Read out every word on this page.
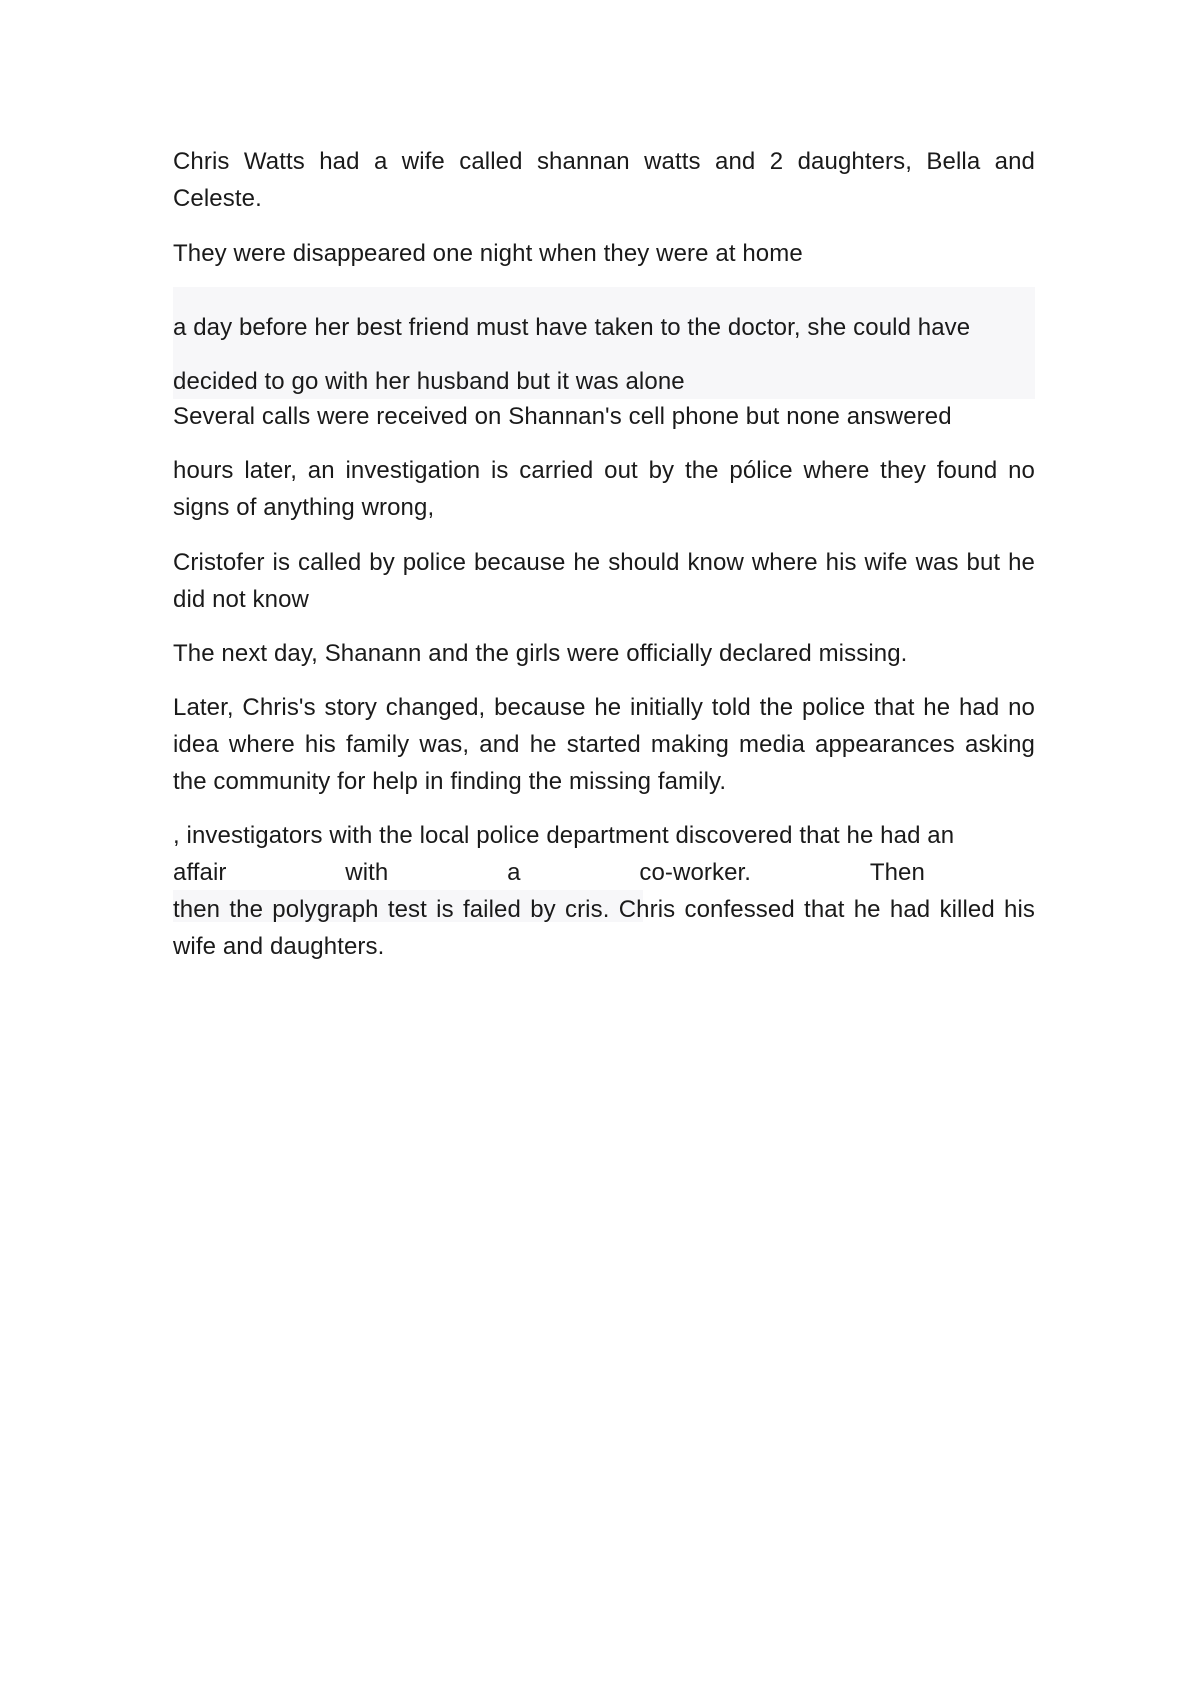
Chris Watts had a wife called shannan watts and 2 daughters, Bella and Celeste.

They were disappeared one night when they were at home

a day before her best friend must have taken to the doctor, she could have
decided to go with her husband but it was alone

Several calls were received on Shannan's cell phone but none answered

hours later, an investigation is carried out by the pólice where they found no signs of anything wrong,

Cristofer is called by police because he should know where his wife was but he did not know

The next day, Shanann and the girls were officially declared missing.

Later, Chris's story changed, because he initially told the police that he had no idea where his family was, and he started making media appearances asking the community for help in finding the missing family.

, investigators with the local police department discovered that he had an
affair	with	a	co-worker.	Then
then the polygraph test is failed by cris. Chris confessed that he had killed his wife and daughters.
